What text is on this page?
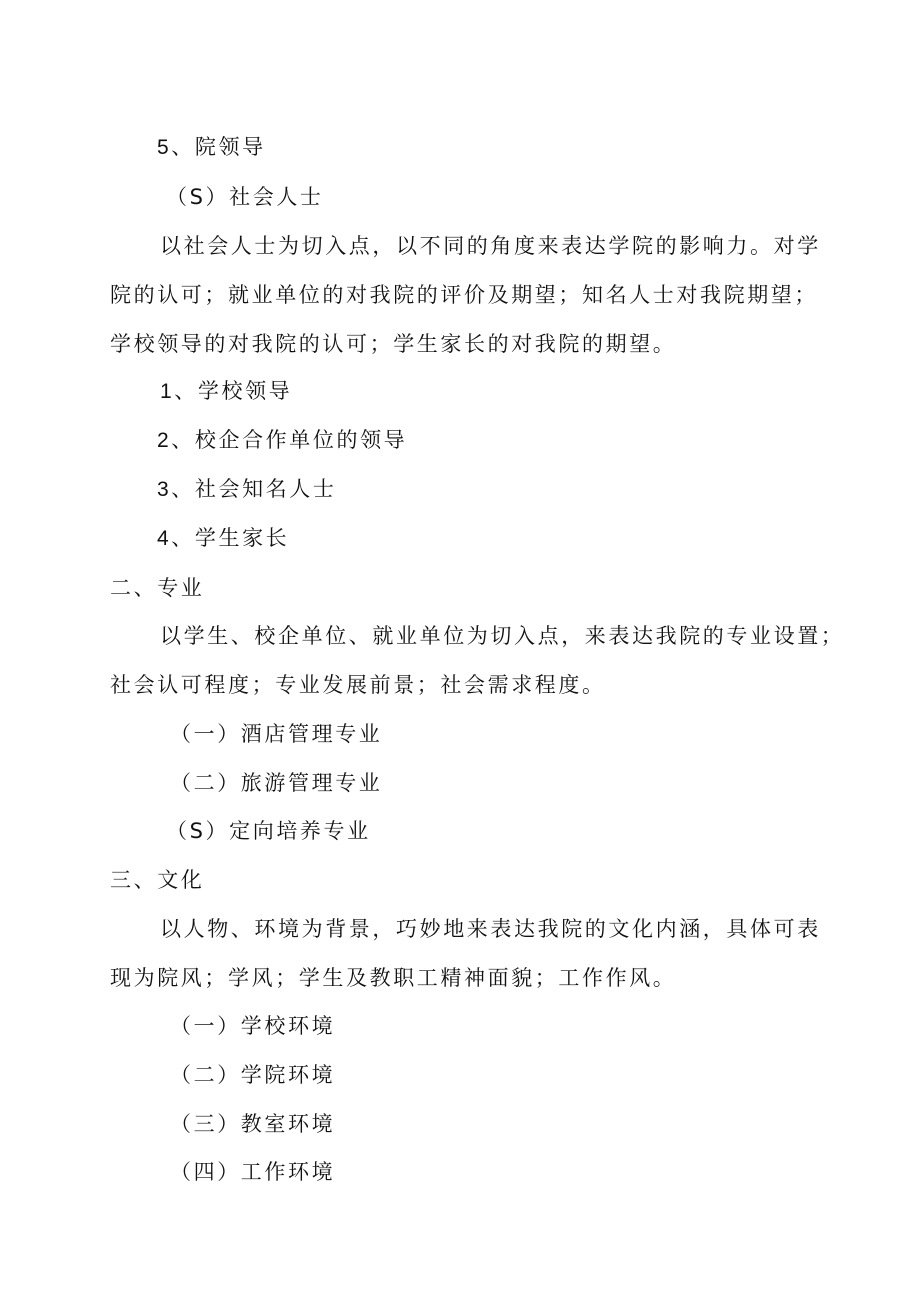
5、院领导
（S）社会人士
以社会人士为切入点，以不同的角度来表达学院的影响力。对学
院的认可；就业单位的对我院的评价及期望；知名人士对我院期望；
学校领导的对我院的认可；学生家长的对我院的期望。
1、学校领导
2、校企合作单位的领导
3、社会知名人士
4、学生家长
二、专业
以学生、校企单位、就业单位为切入点，来表达我院的专业设置；
社会认可程度；专业发展前景；社会需求程度。
（一）酒店管理专业
（二）旅游管理专业
（S）定向培养专业
三、文化
以人物、环境为背景，巧妙地来表达我院的文化内涵，具体可表
现为院风；学风；学生及教职工精神面貌；工作作风。
（一）学校环境
（二）学院环境
（三）教室环境
（四）工作环境
